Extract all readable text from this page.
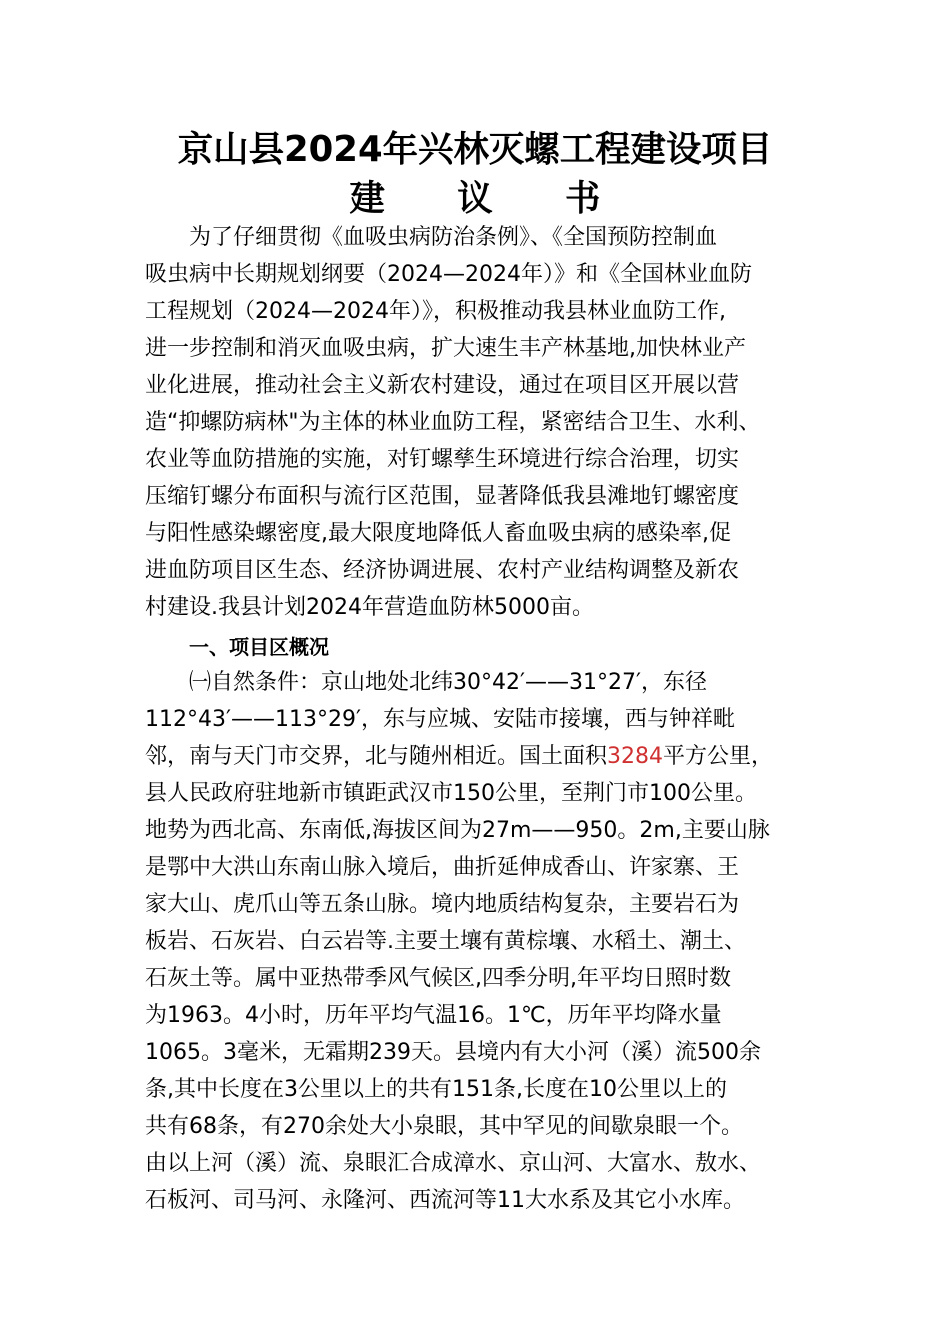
京山县2024年兴林灭螺工程建设项目
建 议 书
为了仔细贯彻《血吸虫病防治条例》、《全国预防控制血
吸虫病中长期规划纲要（2024—2024年）》和《全国林业血防
工程规划（2024—2024年）》，积极推动我县林业血防工作,
进一步控制和消灭血吸虫病，扩大速生丰产林基地,加快林业产
业化进展，推动社会主义新农村建设，通过在项目区开展以营
造“抑螺防病林"为主体的林业血防工程，紧密结合卫生、水利、
农业等血防措施的实施，对钉螺孳生环境进行综合治理，切实
压缩钉螺分布面积与流行区范围，显著降低我县滩地钉螺密度
与阳性感染螺密度,最大限度地降低人畜血吸虫病的感染率,促
进血防项目区生态、经济协调进展、农村产业结构调整及新农
村建设.我县计划2024年营造血防林5000亩。
一、项目区概况
㈠自然条件：京山地处北纬30°42′——31°27′，东径
112°43′——113°29′，东与应城、安陆市接壤，西与钟祥毗
邻，南与天门市交界，北与随州相近。国土面积3284平方公里，
县人民政府驻地新市镇距武汉市150公里，至荆门市100公里。
地势为西北高、东南低,海拔区间为27m——950。2m,主要山脉
是鄂中大洪山东南山脉入境后，曲折延伸成香山、许家寨、王
家大山、虎爪山等五条山脉。境内地质结构复杂，主要岩石为
板岩、石灰岩、白云岩等.主要土壤有黄棕壤、水稻土、潮土、
石灰土等。属中亚热带季风气候区,四季分明,年平均日照时数
为1963。4小时，历年平均气温16。1℃，历年平均降水量
1065。3毫米，无霜期239天。县境内有大小河（溪）流500余
条,其中长度在3公里以上的共有151条,长度在10公里以上的
共有68条，有270余处大小泉眼，其中罕见的间歇泉眼一个。
由以上河（溪）流、泉眼汇合成漳水、京山河、大富水、敖水、
石板河、司马河、永隆河、西流河等11大水系及其它小水库。
